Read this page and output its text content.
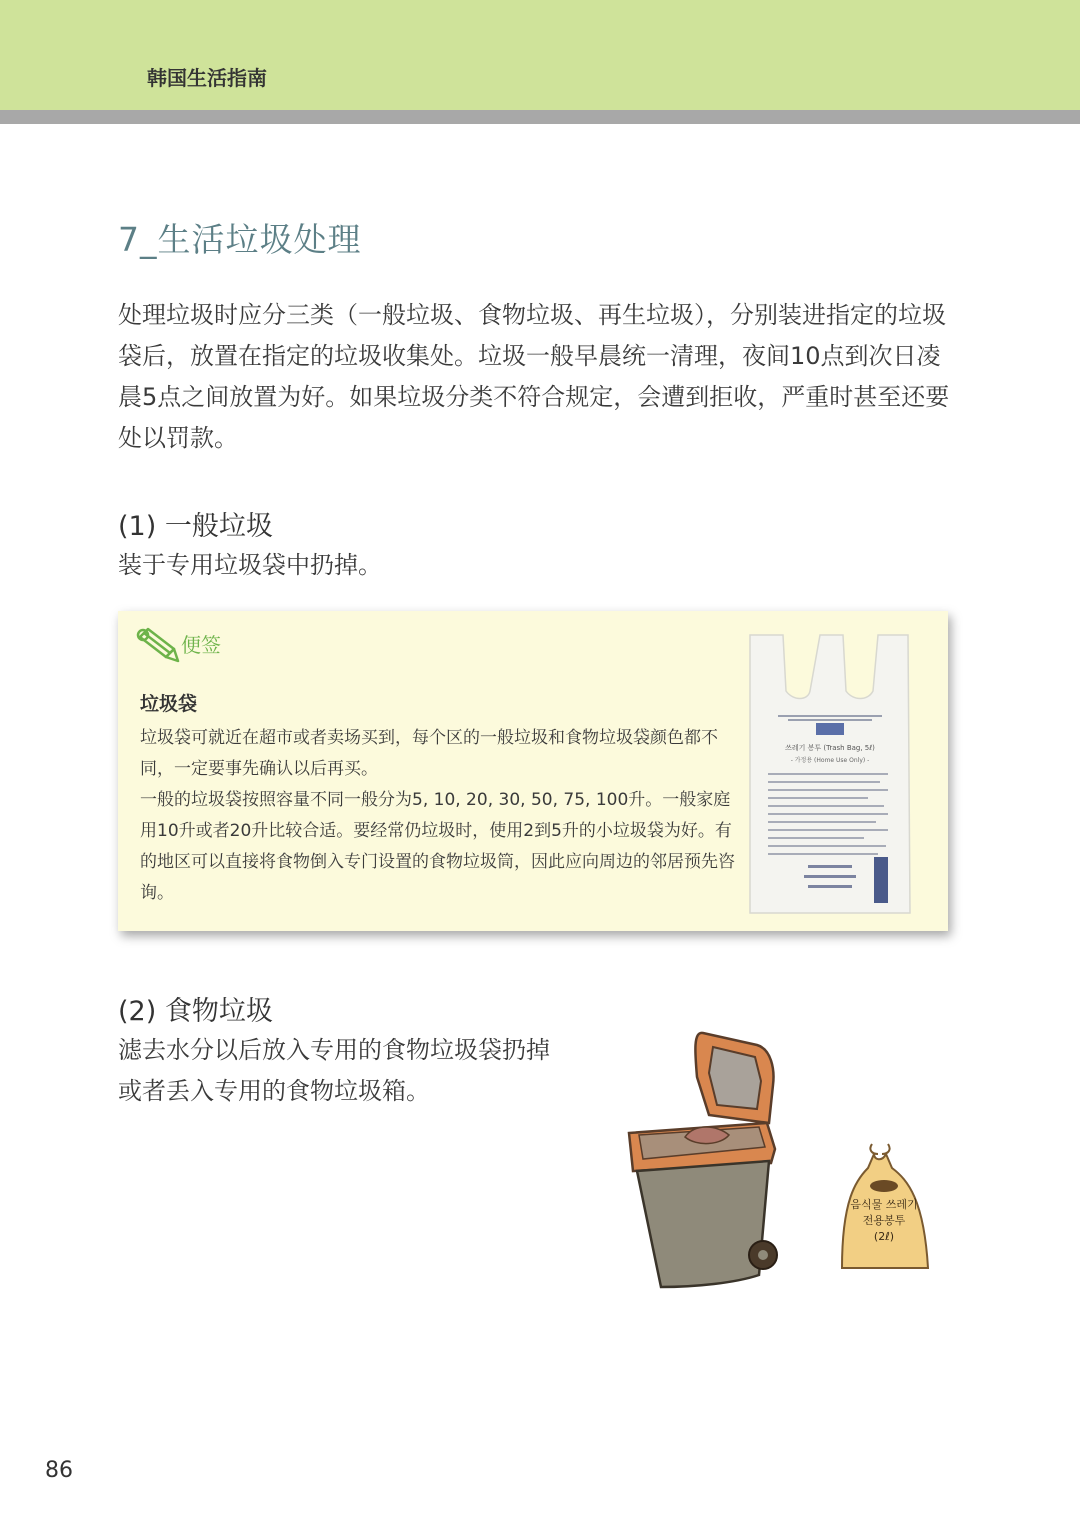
韩国生活指南
7_生活垃圾处理
处理垃圾时应分三类（一般垃圾、食物垃圾、再生垃圾），分别装进指定的垃圾袋后，放置在指定的垃圾收集处。垃圾一般早晨统一清理，夜间10点到次日凌晨5点之间放置为好。如果垃圾分类不符合规定，会遭到拒收，严重时甚至还要处以罚款。
(1) 一般垃圾
装于专用垃圾袋中扔掉。
便签
垃圾袋

垃圾袋可就近在超市或者卖场买到，每个区的一般垃圾和食物垃圾袋颜色都不同，一定要事先确认以后再买。

一般的垃圾袋按照容量不同一般分为5, 10, 20, 30, 50, 75, 100升。一般家庭用10升或者20升比较合适。要经常仍垃圾时，使用2到5升的小垃圾袋为好。有的地区可以直接将食物倒入专门设置的食物垃圾筒，因此应向周边的邻居预先咨询。

쓰레기 봉투 (Trash Bag, 5ℓ)
- 가정용 (Home Use Only) -
(2) 食物垃圾
滤去水分以后放入专用的食物垃圾袋扔掉
或者丢入专用的食物垃圾箱。
음식물 쓰레기
전용봉투
(2ℓ)
86
